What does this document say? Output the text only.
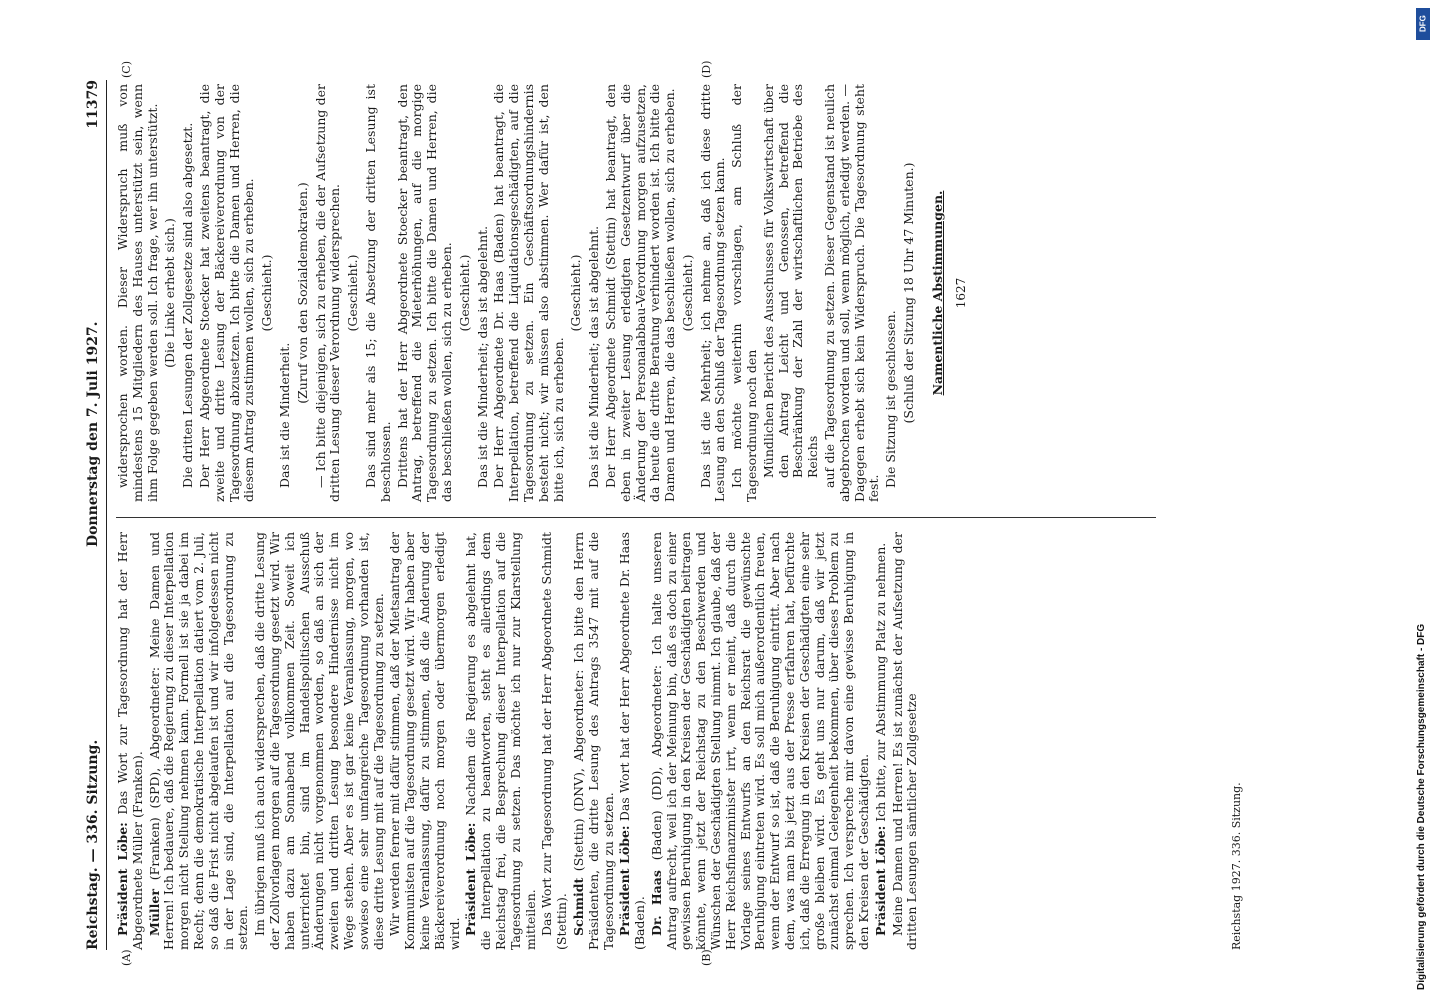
Reichstag. — 336. Sitzung.
Donnerstag den 7. Juli 1927.
11379

Präsident Löbe: Das Wort zur Tagesordnung hat der Herr Abgeordnete Müller (Franken). Müller (Franken) (SPD), Abgeordneter: Meine Damen und Herren! Ich bedauere, daß die Regierung zu dieser Interpellation morgen nicht Stellung nehmen kann. Formell ist sie ja dabei im Recht; denn die demokratische Interpellation datiert vom 2. Juli, so daß die Frist nicht abgelaufen ist und wir infolgedessen nicht in der Lage sind, die Interpellation auf die Tagesordnung zu setzen. Im übrigen muß ich auch widersprechen, daß die dritte Lesung der Zollvorlagen morgen auf die Tagesordnung gesetzt wird. Wir haben dazu am Sonnabend vollkommen Zeit. Soweit ich unterrichtet bin, sind im Handelspolitischen Ausschuß Änderungen nicht vorgenommen worden, so daß an sich der zweiten und dritten Lesung besondere Hindernisse nicht im Wege stehen. Aber es ist gar keine Veranlassung, morgen, wo sowieso eine sehr umfangreiche Tagesordnung vorhanden ist, diese dritte Lesung mit auf die Tagesordnung zu setzen. Wir werden ferner mit dafür stimmen, daß der Mietsantrag der Kommunisten auf die Tagesordnung gesetzt wird. Wir haben aber keine Veranlassung, dafür zu stimmen, daß die Änderung der Bäckereiverordnung noch morgen oder übermorgen erledigt wird. Präsident Löbe: Nachdem die Regierung es abgelehnt hat, die Interpellation zu beantworten, steht es allerdings dem Reichstag frei, die Besprechung dieser Interpellation auf die Tagesordnung zu setzen. Das möchte ich nur zur Klarstellung mitteilen. Das Wort zur Tagesordnung hat der Herr Abgeordnete Schmidt (Stettin). Schmidt (Stettin) (DNV), Abgeordneter: Ich bitte den Herrn Präsidenten, die dritte Lesung des Antrags 3547 mit auf die Tagesordnung zu setzen. Präsident Löbe: Das Wort hat der Herr Abgeordnete Dr. Haas (Baden). Dr. Haas (Baden) (DD), Abgeordneter: Ich halte unseren Antrag aufrecht, weil ich der Meinung bin, daß es doch zu einer gewissen Beruhigung in den Kreisen der Geschädigten beitragen könnte, wenn jetzt der Reichstag zu den Beschwerden und Wünschen der Geschädigten Stellung nimmt. Ich glaube, daß der Herr Reichsfinanzminister irrt, wenn er meint, daß durch die Vorlage seines Entwurfs an den Reichsrat die gewünschte Beruhigung eintreten wird. Es soll mich außerordentlich freuen, wenn der Entwurf so ist, daß die Beruhigung eintritt. Aber nach dem, was man bis jetzt aus der Presse erfahren hat, befürchte ich, daß die Erregung in den Kreisen der Geschädigten eine sehr große bleiben wird. Es geht uns nur darum, daß wir jetzt zunächst einmal Gelegenheit bekommen, über dieses Problem zu sprechen. Ich verspreche mir davon eine gewisse Beruhigung in den Kreisen der Geschädigten. Präsident Löbe: Ich bitte, zur Abstimmung Platz zu nehmen. Meine Damen und Herren! Es ist zunächst der Aufsetzung der dritten Lesungen sämtlicher Zollgesetze

widersprochen worden. Dieser Widerspruch muß von mindestens 15 Mitgliedern des Hauses unterstützt sein, wenn ihm Folge gegeben werden soll. Ich frage, wer ihn unterstützt. (Die Linke erhebt sich.) Die dritten Lesungen der Zollgesetze sind also abgesetzt. Der Herr Abgeordnete Stoecker hat zweitens beantragt, die zweite und dritte Lesung der Bäckereiverordnung von der Tagesordnung abzusetzen. Ich bitte die Damen und Herren, die diesem Antrag zustimmen wollen, sich zu erheben. (Geschieht.)

Das ist die Minderheit.

(Zuruf von den Sozialdemokraten.) — Ich bitte diejenigen, sich zu erheben, die der Aufsetzung der dritten Lesung dieser Verordnung widersprechen. (Geschieht.) Das sind mehr als 15; die Absetzung der dritten Lesung ist beschlossen. Drittens hat der Herr Abgeordnete Stoecker beantragt, den Antrag, betreffend die Mieterhöhungen, auf die morgige Tagesordnung zu setzen. Ich bitte die Damen und Herren, die das beschließen wollen, sich zu erheben. (Geschieht.) Das ist die Minderheit; das ist abgelehnt. Der Herr Abgeordnete Dr. Haas (Baden) hat beantragt, die Interpellation, betreffend die Liquidationsgeschädigten, auf die Tagesordnung zu setzen. Ein Geschäftsordnungshindernis besteht nicht; wir müssen also abstimmen. Wer dafür ist, den bitte ich, sich zu erheben.

(Geschieht.) Das ist die Minderheit; das ist abgelehnt. Der Herr Abgeordnete Schmidt (Stettin) hat beantragt, den eben in zweiter Lesung erledigten Gesetzentwurf über die Änderung der Personalabbau-Verordnung morgen aufzusetzen, da heute die dritte Beratung verhindert worden ist. Ich bitte die Damen und Herren, die das beschließen wollen, sich zu erheben. (Geschieht.) Das ist die Mehrheit; ich nehme an, daß ich diese dritte Lesung an den Schluß der Tagesordnung setzen kann. Ich möchte weiterhin vorschlagen, am Schluß der Tagesordnung noch den Mündlichen Bericht des Ausschusses für Volkswirtschaft über den Antrag Leicht und Genossen, betreffend die Beschränkung der Zahl der wirtschaftlichen Betriebe des Reichs auf die Tagesordnung zu setzen. Dieser Gegenstand ist neulich abgebrochen worden und soll, wenn möglich, erledigt werden. — Dagegen erhebt sich kein Widerspruch. Die Tagesordnung steht fest.

Die Sitzung ist geschlossen. (Schluß der Sitzung 18 Uhr 47 Minuten.) Namentliche Abstimmungen. 1627

(A)	(B)
(C)	(D)
Reichstag 1927. 336. Sitzung.
DFG
Digitalisierung gefördert durch die Deutsche Forschungsgemeinschaft - DFG
